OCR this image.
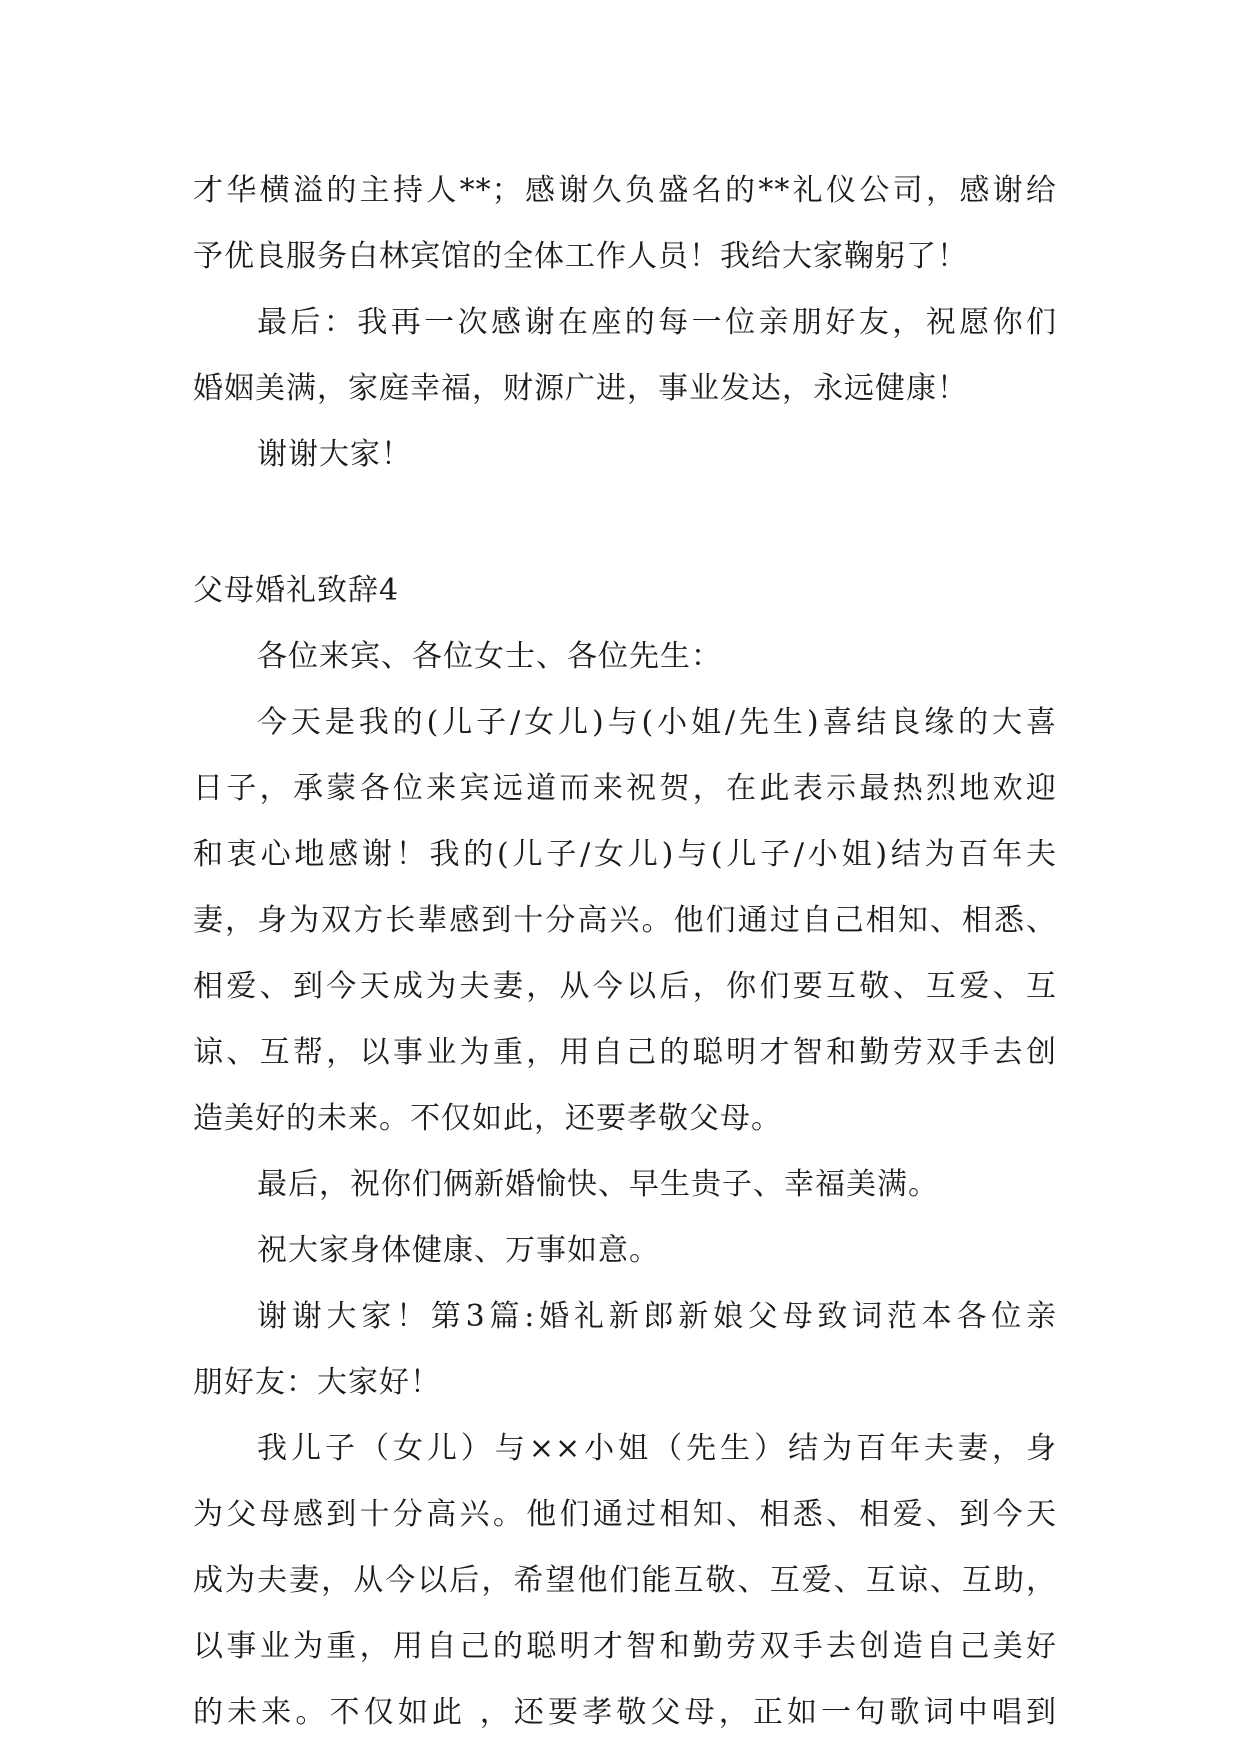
才华横溢的主持人**；感谢久负盛名的**礼仪公司，感谢给
予优良服务白林宾馆的全体工作人员！我给大家鞠躬了！
最后：我再一次感谢在座的每一位亲朋好友，祝愿你们
婚姻美满，家庭幸福，财源广进，事业发达，永远健康！
谢谢大家！
父母婚礼致辞4
各位来宾、各位女士、各位先生：
今天是我的(儿子/女儿)与(小姐/先生)喜结良缘的大喜
日子，承蒙各位来宾远道而来祝贺，在此表示最热烈地欢迎
和衷心地感谢！我的(儿子/女儿)与(儿子/小姐)结为百年夫
妻，身为双方长辈感到十分高兴。他们通过自己相知、相悉、
相爱、到今天成为夫妻，从今以后，你们要互敬、互爱、互
谅、互帮，以事业为重，用自己的聪明才智和勤劳双手去创
造美好的未来。不仅如此，还要孝敬父母。
最后，祝你们俩新婚愉快、早生贵子、幸福美满。
祝大家身体健康、万事如意。
谢谢大家！第3篇:婚礼新郎新娘父母致词范本各位亲
朋好友：大家好！
我儿子（女儿）与××小姐（先生）结为百年夫妻，身
为父母感到十分高兴。他们通过相知、相悉、相爱、到今天
成为夫妻，从今以后，希望他们能互敬、互爱、互谅、互助，
以事业为重，用自己的聪明才智和勤劳双手去创造自己美好
的未来。不仅如此 ，还要孝敬父母，正如一句歌词中唱到
